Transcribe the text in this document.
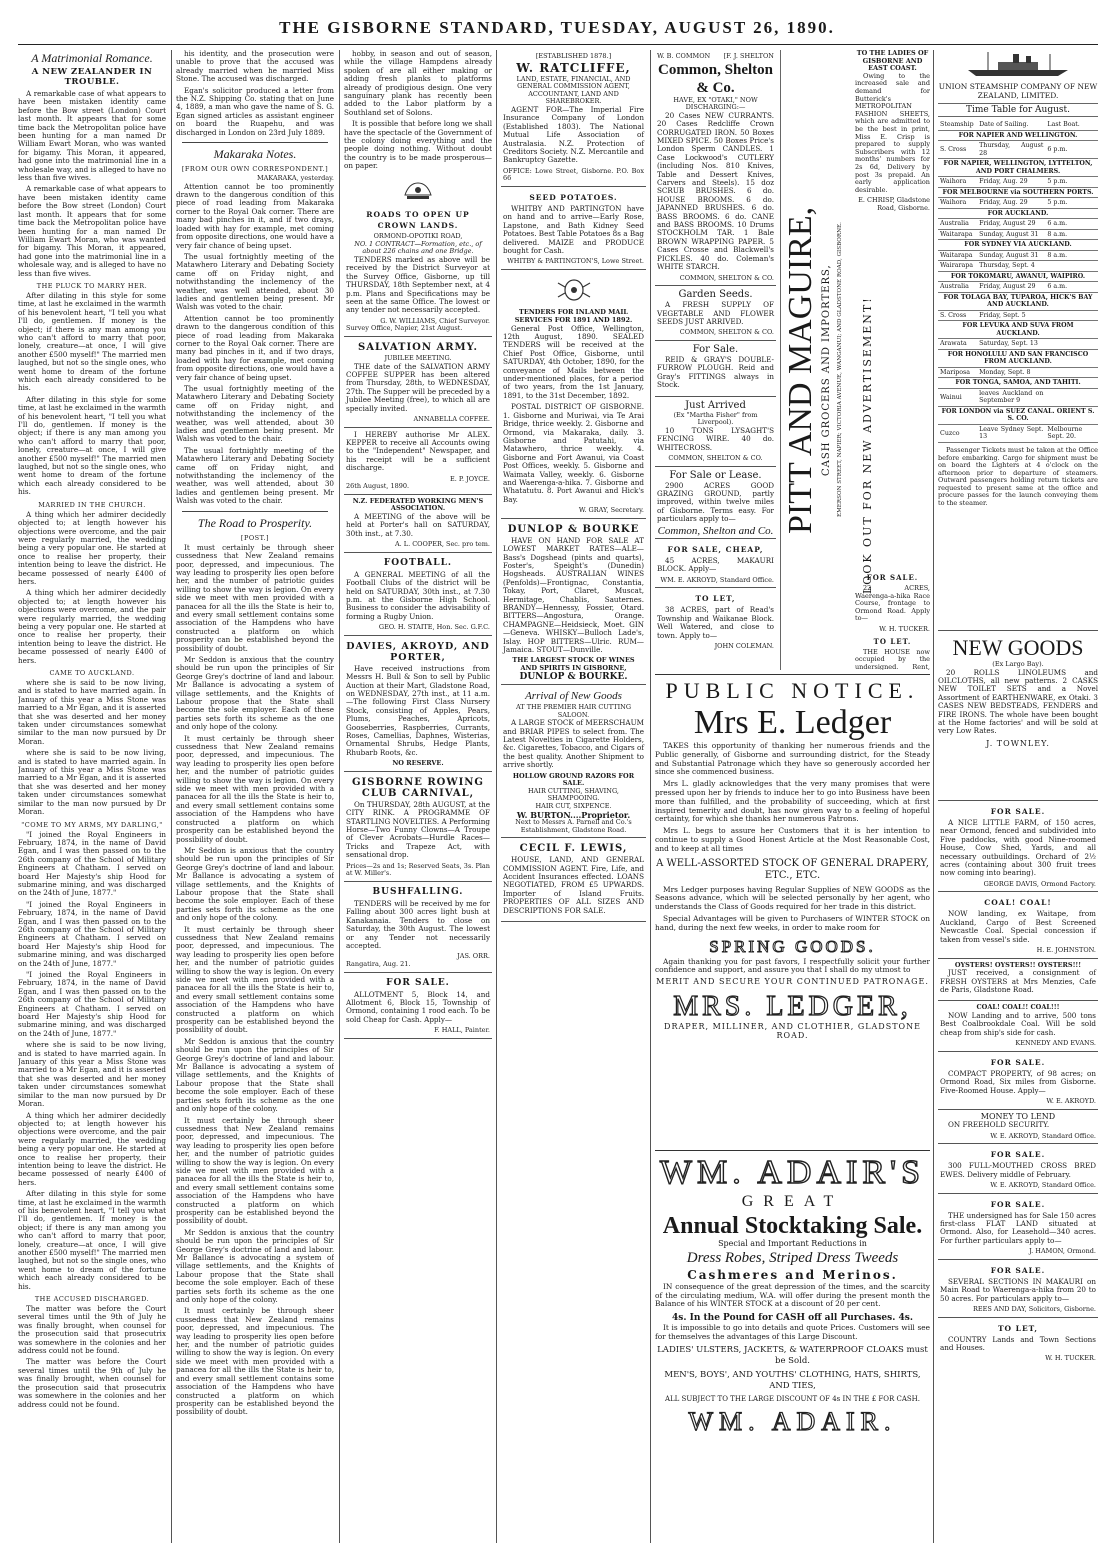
THE GISBORNE STANDARD, TUESDAY, AUGUST 26, 1890.
A Matrimonial Romance.
A NEW ZEALANDER IN TROUBLE.

A remarkable case of what appears to have been mistaken identity came before the Bow street (London) Court last month. It appears that for some time back the Metropolitan police have been hunting for a man named Dr William Ewart Moran, who was wanted for bigamy. This Moran, it appeared, had gone into the matrimonial line in a wholesale way, and is alleged to have no less than five wives.

A remarkable case of what appears to have been mistaken identity came before the Bow street (London) Court last month. It appears that for some time back the Metropolitan police have been hunting for a man named Dr William Ewart Moran, who was wanted for bigamy. This Moran, it appeared, had gone into the matrimonial line in a wholesale way, and is alleged to have no less than five wives.

THE PLUCK TO MARRY HER.

After dilating in this style for some time, at last he exclaimed in the warmth of his benevolent heart, "I tell you what I'll do, gentlemen. If money is the object; if there is any man among you who can't afford to marry that poor, lonely, creature—at once, I will give another £500 myself!" The married men laughed, but not so the single ones, who went home to dream of the fortune which each already considered to be his.

After dilating in this style for some time, at last he exclaimed in the warmth of his benevolent heart, "I tell you what I'll do, gentlemen. If money is the object; if there is any man among you who can't afford to marry that poor, lonely, creature—at once, I will give another £500 myself!" The married men laughed, but not so the single ones, who went home to dream of the fortune which each already considered to be his.

MARRIED IN THE CHURCH.

A thing which her admirer decidedly objected to; at length however his objections were overcome, and the pair were regularly married, the wedding being a very popular one. He started at once to realise her property, their intention being to leave the district. He became possessed of nearly £400 of hers.

A thing which her admirer decidedly objected to; at length however his objections were overcome, and the pair were regularly married, the wedding being a very popular one. He started at once to realise her property, their intention being to leave the district. He became possessed of nearly £400 of hers.

CAME TO AUCKLAND.

where she is said to be now living, and is stated to have married again. In January of this year a Miss Stone was married to a Mr Egan, and it is asserted that she was deserted and her money taken under circumstances somewhat similar to the man now pursued by Dr Moran.

where she is said to be now living, and is stated to have married again. In January of this year a Miss Stone was married to a Mr Egan, and it is asserted that she was deserted and her money taken under circumstances somewhat similar to the man now pursued by Dr Moran.

"COME TO MY ARMS, MY DARLING,"

"I joined the Royal Engineers in February, 1874, in the name of David Egan, and I was then passed on to the 26th company of the School of Military Engineers at Chatham. I served on board Her Majesty's ship Hood for submarine mining, and was discharged on the 24th of June, 1877."

"I joined the Royal Engineers in February, 1874, in the name of David Egan, and I was then passed on to the 26th company of the School of Military Engineers at Chatham. I served on board Her Majesty's ship Hood for submarine mining, and was discharged on the 24th of June, 1877."

"I joined the Royal Engineers in February, 1874, in the name of David Egan, and I was then passed on to the 26th company of the School of Military Engineers at Chatham. I served on board Her Majesty's ship Hood for submarine mining, and was discharged on the 24th of June, 1877."

where she is said to be now living, and is stated to have married again. In January of this year a Miss Stone was married to a Mr Egan, and it is asserted that she was deserted and her money taken under circumstances somewhat similar to the man now pursued by Dr Moran.

A thing which her admirer decidedly objected to; at length however his objections were overcome, and the pair were regularly married, the wedding being a very popular one. He started at once to realise her property, their intention being to leave the district. He became possessed of nearly £400 of hers.

After dilating in this style for some time, at last he exclaimed in the warmth of his benevolent heart, "I tell you what I'll do, gentlemen. If money is the object; if there is any man among you who can't afford to marry that poor, lonely, creature—at once, I will give another £500 myself!" The married men laughed, but not so the single ones, who went home to dream of the fortune which each already considered to be his.

THE ACCUSED DISCHARGED.

The matter was before the Court several times until the 9th of July he was finally brought, when counsel for the prosecution said that prosecutrix was somewhere in the colonies and her address could not be found.

The matter was before the Court several times until the 9th of July he was finally brought, when counsel for the prosecution said that prosecutrix was somewhere in the colonies and her address could not be found.

his identity, and the prosecution were unable to prove that the accused was already married when he married Miss Stone. The accused was discharged.

Egan's solicitor produced a letter from the N.Z. Shipping Co. stating that on June 4, 1889, a man who gave the name of S. G. Egan signed articles as assistant engineer on board the Ruapehu, and was discharged in London on 23rd July 1889.

Makaraka Notes.
[FROM OUR OWN CORRESPONDENT.]
MAKARAKA, yesterday.

Attention cannot be too prominently drawn to the dangerous condition of this piece of road leading from Makaraka corner to the Royal Oak corner. There are many bad pinches in it, and if two drays, loaded with hay for example, met coming from opposite directions, one would have a very fair chance of being upset.

The usual fortnightly meeting of the Matawhero Literary and Debating Society came off on Friday night, and notwithstanding the inclemency of the weather, was well attended, about 30 ladies and gentlemen being present. Mr Walsh was voted to the chair.

Attention cannot be too prominently drawn to the dangerous condition of this piece of road leading from Makaraka corner to the Royal Oak corner. There are many bad pinches in it, and if two drays, loaded with hay for example, met coming from opposite directions, one would have a very fair chance of being upset.

The usual fortnightly meeting of the Matawhero Literary and Debating Society came off on Friday night, and notwithstanding the inclemency of the weather, was well attended, about 30 ladies and gentlemen being present. Mr Walsh was voted to the chair.

The usual fortnightly meeting of the Matawhero Literary and Debating Society came off on Friday night, and notwithstanding the inclemency of the weather, was well attended, about 30 ladies and gentlemen being present. Mr Walsh was voted to the chair.

The Road to Prosperity.
[POST.]

It must certainly be through sheer cussedness that New Zealand remains poor, depressed, and impecunious. The way leading to prosperity lies open before her, and the number of patriotic guides willing to show the way is legion. On every side we meet with men provided with a panacea for all the ills the State is heir to, and every small settlement contains some association of the Hampdens who have constructed a platform on which prosperity can be established beyond the possibility of doubt.

Mr Seddon is anxious that the country should be run upon the principles of Sir George Grey's doctrine of land and labour. Mr Ballance is advocating a system of village settlements, and the Knights of Labour propose that the State shall become the sole employer. Each of these parties sets forth its scheme as the one and only hope of the colony.

It must certainly be through sheer cussedness that New Zealand remains poor, depressed, and impecunious. The way leading to prosperity lies open before her, and the number of patriotic guides willing to show the way is legion. On every side we meet with men provided with a panacea for all the ills the State is heir to, and every small settlement contains some association of the Hampdens who have constructed a platform on which prosperity can be established beyond the possibility of doubt.

Mr Seddon is anxious that the country should be run upon the principles of Sir George Grey's doctrine of land and labour. Mr Ballance is advocating a system of village settlements, and the Knights of Labour propose that the State shall become the sole employer. Each of these parties sets forth its scheme as the one and only hope of the colony.

It must certainly be through sheer cussedness that New Zealand remains poor, depressed, and impecunious. The way leading to prosperity lies open before her, and the number of patriotic guides willing to show the way is legion. On every side we meet with men provided with a panacea for all the ills the State is heir to, and every small settlement contains some association of the Hampdens who have constructed a platform on which prosperity can be established beyond the possibility of doubt.

Mr Seddon is anxious that the country should be run upon the principles of Sir George Grey's doctrine of land and labour. Mr Ballance is advocating a system of village settlements, and the Knights of Labour propose that the State shall become the sole employer. Each of these parties sets forth its scheme as the one and only hope of the colony.

It must certainly be through sheer cussedness that New Zealand remains poor, depressed, and impecunious. The way leading to prosperity lies open before her, and the number of patriotic guides willing to show the way is legion. On every side we meet with men provided with a panacea for all the ills the State is heir to, and every small settlement contains some association of the Hampdens who have constructed a platform on which prosperity can be established beyond the possibility of doubt.

Mr Seddon is anxious that the country should be run upon the principles of Sir George Grey's doctrine of land and labour. Mr Ballance is advocating a system of village settlements, and the Knights of Labour propose that the State shall become the sole employer. Each of these parties sets forth its scheme as the one and only hope of the colony.

It must certainly be through sheer cussedness that New Zealand remains poor, depressed, and impecunious. The way leading to prosperity lies open before her, and the number of patriotic guides willing to show the way is legion. On every side we meet with men provided with a panacea for all the ills the State is heir to, and every small settlement contains some association of the Hampdens who have constructed a platform on which prosperity can be established beyond the possibility of doubt.

hobby, in season and out of season, while the village Hampdens already spoken of are all either making or adding fresh planks to platforms already of prodigious design. One very sanguinary plank has recently been added to the Labor platform by a Southland set of Solons.

It is possible that before long we shall have the spectacle of the Government of the colony doing everything and the people doing nothing. Without doubt the country is to be made prosperous—on paper.

ROADS TO OPEN UP CROWN LANDS.
ORMOND-OPOTIKI ROAD,
NO. 1 CONTRACT—Formation, etc., of about 226 chains and one Bridge.

TENDERS marked as above will be received by the District Surveyor at the Survey Office, Gisborne, up till THURSDAY, 18th September next, at 4 p.m. Plans and Specifications may be seen at the same Office. The lowest or any tender not necessarily accepted.

G. W. WILLIAMS, Chief Surveyor.
Survey Office, Napier, 21st August.
SALVATION ARMY.
JUBILEE MEETING.

THE date of the SALVATION ARMY COFFEE SUPPER has been altered from Thursday, 28th, to WEDNESDAY, 27th. The Supper will be preceded by a Jubilee Meeting (free), to which all are specially invited.

ANNABELLA COFFEE.

I HEREBY authorise Mr ALEX. KEPPER to receive all Accounts owing to the "Independent" Newspaper, and his receipt will be a sufficient discharge.

E. P. JOYCE.
26th August, 1890.
N.Z. FEDERATED WORKING MEN'S ASSOCIATION.

A MEETING of the above will be held at Porter's hall on SATURDAY, 30th inst., at 7.30.

A. L. COOPER, Sec. pro tem.
FOOTBALL.

A GENERAL MEETING of all the Football Clubs of the district will be held on SATURDAY, 30th inst., at 7.30 p.m. at the Gisborne High School. Business to consider the advisability of forming a Rugby Union.

GEO. H. STAITE, Hon. Sec. G.F.C.
DAVIES, AKROYD, AND PORTER,

Have received instructions from Messrs H. Bull & Son to sell by Public Auction at their Mart, Gladstone Road, on WEDNESDAY, 27th inst., at 11 a.m.—The following First Class Nursery Stock, consisting of Apples, Pears, Plums, Peaches, Apricots, Gooseberries, Raspberries, Currants, Roses, Camellias, Daphnes, Wisterias, Ornamental Shrubs, Hedge Plants, Rhubarb Roots, &c.

NO RESERVE.
GISBORNE ROWING CLUB CARNIVAL,

On THURSDAY, 28th AUGUST, at the CITY RINK. A PROGRAMME OF STARTLING NOVELTIES. A Performing Horse—Two Funny Clowns—A Troupe of Clever Acrobats—Hurdle Races—Tricks and Trapeze Act, with sensational drop.

Prices—2s and 1s; Reserved Seats, 3s. Plan at W. Miller's.
BUSHFALLING.

TENDERS will be received by me for Falling about 300 acres light bush at Kanakanaia. Tenders to close on Saturday, the 30th August. The lowest or any Tender not necessarily accepted.

JAS. ORR.
Rangatira, Aug. 21.
FOR SALE.

ALLOTMENT 5, Block 14, and Allotment 6, Block 15, Township of Ormond, containing 1 rood each. To be sold Cheap for Cash. Apply—

F. HALL, Painter.
[ESTABLISHED 1878.]
W. RATCLIFFE,
LAND, ESTATE, FINANCIAL, AND GENERAL COMMISSION AGENT,
ACCOUNTANT, LAND AND SHAREBROKER.

AGENT FOR—The Imperial Fire Insurance Company of London (Established 1803). The National Mutual Life Association of Australasia. N.Z. Protection of Creditors Society. N.Z. Mercantile and Bankruptcy Gazette.

OFFICE: Lowe Street, Gisborne. P.O. Box 66
SEED POTATOES.

WHITBY AND PARTINGTON have on hand and to arrive—Early Rose, Lapstone, and Bath Kidney Seed Potatoes. Best Table Potatoes 8s a Bag delivered. MAIZE and PRODUCE bought for Cash.

WHITBY & PARTINGTON'S, Lowe Street.
TENDERS FOR INLAND MAIL SERVICES FOR 1891 AND 1892.

General Post Office, Wellington, 12th August, 1890. SEALED TENDERS will be received at the Chief Post Office, Gisborne, until SATURDAY, 4th October, 1890, for the conveyance of Mails between the under-mentioned places, for a period of two years, from the 1st January, 1891, to the 31st December, 1892.

POSTAL DISTRICT OF GISBORNE. 1. Gisborne and Muriwai, via Te Arai Bridge, thrice weekly. 2. Gisborne and Ormond, via Makaraka, daily. 3. Gisborne and Patutahi, via Matawhero, thrice weekly. 4. Gisborne and Fort Awanui, via Coast Post Offices, weekly. 5. Gisborne and Waimata Valley, weekly. 6. Gisborne and Waerenga-a-hika. 7. Gisborne and Whatatutu. 8. Port Awanui and Hick's Bay.

W. GRAY, Secretary.
DUNLOP & BOURKE

HAVE ON HAND FOR SALE AT LOWEST MARKET RATES—ALE—Bass's Dogshead (pints and quarts), Foster's, Speight's (Dunedin) Hogsheads. AUSTRALIAN WINES (Penfolds)—Frontignac, Constantia, Tokay, Port, Claret, Muscat, Hermitage, Chablis, Sauternes. BRANDY—Hennessy, Fossier, Otard. BITTERS—Angostura, Orange. CHAMPAGNE—Heidsieck, Moet. GIN—Geneva. WHISKY—Bulloch Lade's, Islay. HOP BITTERS—Ulric. RUM—Jamaica. STOUT—Dunville.

THE LARGEST STOCK OF WINES AND SPIRITS IN GISBORNE,
DUNLOP & BOURKE.
Arrival of New Goods
AT THE PREMIER HAIR CUTTING SALOON.

A LARGE STOCK of MEERSCHAUM and BRIAR PIPES to select from. The Latest Novelties in Cigarette Holders, &c. Cigarettes, Tobacco, and Cigars of the best quality. Another Shipment to arrive shortly.

HOLLOW GROUND RAZORS FOR SALE.
HAIR CUTTING, SHAVING, SHAMPOOING.
HAIR CUT, SIXPENCE.
W. BURTON....Proprietor.
Next to Messrs A. Parnell and Co.'s Establishment, Gladstone Road.
CECIL F. LEWIS,

HOUSE, LAND, AND GENERAL COMMISSION AGENT. Fire, Life, and Accident Insurances effected. LOANS NEGOTIATED, FROM £5 UPWARDS. Importer of Island Fruits. PROPERTIES OF ALL SIZES AND DESCRIPTIONS FOR SALE.

W. B. COMMON [F. J. SHELTON
Common, Shelton & Co.
HAVE, EX "OTAKI," NOW DISCHARGING:—

20 Cases NEW CURRANTS. 20 Cases Redcliffe Crown CORRUGATED IRON. 50 Boxes MIXED SPICE. 50 Boxes Price's London Sperm CANDLES. 1 Case Lockwood's CUTLERY (including Nos. 810 Knives, Table and Dessert Knives, Carvers and Steels). 15 doz SCRUB BRUSHES. 6 do. HOUSE BROOMS. 6 do. JAPANNED BRUSHES. 6 do. BASS BROOMS. 6 do. CANE and BASS BROOMS. 10 Drums STOCKHOLM TAR. 1 Bale BROWN WRAPPING PAPER. 5 Cases Crosse and Blackwell's PICKLES. 40 do. Coleman's WHITE STARCH.

COMMON, SHELTON & CO.
Garden Seeds.

A FRESH SUPPLY OF VEGETABLE AND FLOWER SEEDS JUST ARRIVED.

COMMON, SHELTON & CO.
For Sale.

REID & GRAY'S DOUBLE-FURROW PLOUGH. Reid and Gray's FITTINGS always in Stock.

Just Arrived
(Ex "Martha Fisher" from Liverpool).

10 TONS LYSAGHT'S FENCING WIRE. 40 do. WHITECROSS.

COMMON, SHELTON & CO.
For Sale or Lease.

2900 ACRES GOOD GRAZING GROUND, partly improved, within twelve miles of Gisborne. Terms easy. For particulars apply to—

Common, Shelton and Co.
FOR SALE, CHEAP,

45 ACRES, MAKAURI BLOCK. Apply—

WM. E. AKROYD, Standard Office.
TO LET,

38 ACRES, part of Read's Township and Waikanae Block. Well Watered, and close to town. Apply to—

JOHN COLEMAN.
PITT AND MAGUIRE, CASH GROCERS AND IMPORTERS, EMERSON STREET, NAPIER; VICTORIA AVENUE, WANGANUI; AND GLADSTONE ROAD, GISBORNE.
TO THE LADIES OF GISBORNE AND EAST COAST.

Owing to the increased sale and demand for Butterick's METROPOLITAN FASHION SHEETS, which are admitted to be the best in print, Miss E. Crisp is prepared to supply Subscribers with 12 months' numbers for 2s 6d, Delivery by post 3s prepaid. An early application desirable.

E. CHRISP, Gladstone Road, Gisborne.
LOOK OUT FOR NEW ADVERTISEMENT!
FOR SALE.

22 ACRES, Waerenga-a-hika Race Course, frontage to Ormond Road. Apply to—

W. H. TUCKER.
TO LET.

THE HOUSE now occupied by the undersigned. Rent,

UNION STEAMSHIP COMPANY OF NEW ZEALAND, LIMITED.
Time Table for August.
Steamship	Date of Sailing.	Last Boat.
FOR NAPIER AND WELLINGTON.		
S. Cross	Thursday, August 28	6 p.m.
FOR NAPIER, WELLINGTON, LYTTELTON, AND PORT CHALMERS.		
Waihora	Friday, Aug. 29	5 p.m.
FOR MELBOURNE via SOUTHERN PORTS.		
Waihora	Friday, Aug. 29	5 p.m.
FOR AUCKLAND.		
Australia	Friday, August 29	6 a.m.
Waitarapa	Sunday, August 31	8 a.m.
FOR SYDNEY VIA AUCKLAND.		
Waitarapa	Sunday, August 31	8 a.m.
Wairarapa	Thursday, Sept. 4	
FOR TOKOMARU, AWANUI, WAIPIRO.		
Australia	Friday, August 29	6 a.m.
FOR TOLAGA BAY, TUPAROA, HICK'S BAY AND AUCKLAND.		
S. Cross	Friday, Sept. 5	
FOR LEVUKA AND SUVA FROM AUCKLAND.		
Arawata	Saturday, Sept. 13	
FOR HONOLULU AND SAN FRANCISCO FROM AUCKLAND.		
Mariposa	Monday, Sept. 8	
FOR TONGA, SAMOA, AND TAHITI.		
Wainui	leaves Auckland on September 9	
FOR LONDON via SUEZ CANAL. ORIENT S. S. CO.		
Cuzco	Leave Sydney Sept. 13	Melbourne Sept. 20.

Passenger Tickets must be taken at the Office before embarking. Cargo for shipment must be on board the Lighters at 4 o'clock on the afternoon prior to departure of steamers. Outward passengers holding return tickets are requested to present same at the office and procure passes for the launch conveying them to the steamer.

NEW GOODS
(Ex Largo Bay).

20 ROLLS LINOLEUMS and OILCLOTHS, all new patterns. 2 CASKS NEW TOILET SETS and a Novel Assortment of EARTHENWARE, ex Otaki. 3 CASES NEW BEDSTEADS, FENDERS and FIRE IRONS. The whole have been bought at the Home factories' and will be sold at very Low Rates.

J. TOWNLEY.
FOR SALE.

A NICE LITTLE FARM, of 150 acres, near Ormond, fenced and subdivided into Five paddocks, with good Nine-roomed House, Cow Shed, Yards, and all necessary outbuildings. Orchard of 2½ acres (containing about 300 fruit trees now coming into bearing).

GEORGE DAVIS, Ormond Factory.
COAL! COAL!

NOW landing, ex Waitape, from Auckland, Cargo of Best Screened Newcastle Coal. Special concession if taken from vessel's side.

H. E. JOHNSTON.
OYSTERS! OYSTERS!! OYSTERS!!!

JUST received, a consignment of FRESH OYSTERS at Mrs Menzies, Cafe de Paris, Gladstone Road.

COAL! COAL!! COAL!!!

NOW Landing and to arrive, 500 tons Best Coalbrookdale Coal. Will be sold cheap from ship's side for cash.

KENNEDY AND EVANS.
FOR SALE.

COMPACT PROPERTY, of 98 acres; on Ormond Road, Six miles from Gisborne. Five-Roomed House. Apply—

W. E. AKROYD.
MONEY TO LEND

ON FREEHOLD SECURITY.

W. E. AKROYD, Standard Office.
FOR SALE.

300 FULL-MOUTHED CROSS BRED EWES. Delivery middle of February.

W. E. AKROYD, Standard Office.
FOR SALE.

THE undersigned has for Sale 150 acres first-class FLAT LAND situated at Ormond. Also, for Leasehold—340 acres. For further particulars apply to—

J. HAMON, Ormond.
FOR SALE.

SEVERAL SECTIONS IN MAKAURI on Main Road to Waerenga-a-hika from 20 to 50 acres. For particulars apply to—

REES AND DAY, Solicitors, Gisborne.
TO LET,

COUNTRY Lands and Town Sections and Houses.

W. H. TUCKER.
PUBLIC NOTICE.
Mrs E. Ledger

TAKES this opportunity of thanking her numerous friends and the Public generally, of Gisborne and surrounding district, for the Steady and Substantial Patronage which they have so generously accorded her since she commenced business.

Mrs L. gladly acknowledges that the very many promises that were pressed upon her by friends to induce her to go into Business have been more than fulfilled, and the probability of succeeding, which at first inspired temerity and doubt, has now given way to a feeling of hopeful certainty, for which she thanks her numerous Patrons.

Mrs L. begs to assure her Customers that it is her intention to continue to supply a Good Honest Article at the Most Reasonable Cost, and to keep at all times

A WELL-ASSORTED STOCK OF GENERAL DRAPERY, ETC., ETC.

Mrs Ledger purposes having Regular Supplies of NEW GOODS as the Seasons advance, which will be selected personally by her agent, who understands the Class of Goods required for her trade in this district.

Special Advantages will be given to Purchasers of WINTER STOCK on hand, during the next few weeks, in order to make room for

SPRING GOODS.

Again thanking you for past favors, I respectfully solicit your further confidence and support, and assure you that I shall do my utmost to

MERIT AND SECURE YOUR CONTINUED PATRONAGE.
MRS. LEDGER,
DRAPER, MILLINER, AND CLOTHIER, GLADSTONE ROAD.
WM. ADAIR'S
GREAT
Annual Stocktaking Sale.
Special and Important Reductions in
Dress Robes, Striped Dress Tweeds
Cashmeres and Merinos.

IN consequence of the great depression of the times, and the scarcity of the circulating medium, W.A. will offer during the present month the Balance of his WINTER STOCK at a discount of 20 per cent.

4s. In the Pound for CASH off all Purchases. 4s.

It is impossible to go into details and quote Prices. Customers will see for themselves the advantages of this Large Discount.

LADIES' ULSTERS, JACKETS, & WATERPROOF CLOAKS must be Sold.
MEN'S, BOYS', AND YOUTHS' CLOTHING, HATS, SHIRTS, AND TIES,
ALL SUBJECT TO THE LARGE DISCOUNT OF 4s IN THE £ FOR CASH.
WM. ADAIR.
